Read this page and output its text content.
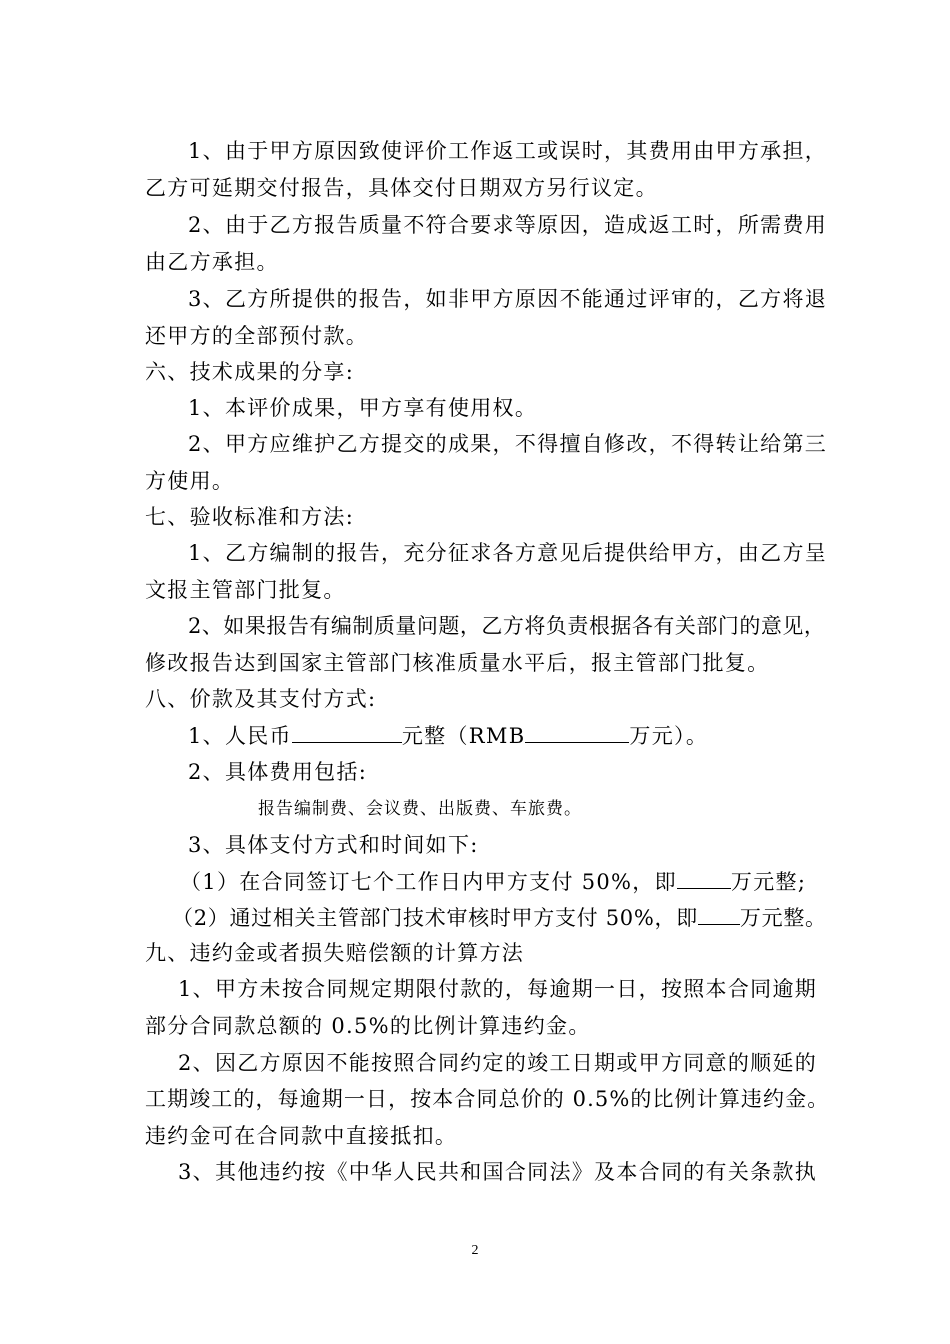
1、由于甲方原因致使评价工作返工或误时，其费用由甲方承担，
乙方可延期交付报告，具体交付日期双方另行议定。
2、由于乙方报告质量不符合要求等原因，造成返工时，所需费用
由乙方承担。
3、乙方所提供的报告，如非甲方原因不能通过评审的，乙方将退
还甲方的全部预付款。
六、技术成果的分享:
1、本评价成果，甲方享有使用权。
2、甲方应维护乙方提交的成果，不得擅自修改，不得转让给第三
方使用。
七、验收标准和方法:
1、乙方编制的报告，充分征求各方意见后提供给甲方，由乙方呈
文报主管部门批复。
2、如果报告有编制质量问题，乙方将负责根据各有关部门的意见，
修改报告达到国家主管部门核准质量水平后，报主管部门批复。
八、价款及其支付方式:
1、人民币	元整（RMB	万元）。
2、具体费用包括:
报告编制费、会议费、出版费、车旅费。
3、具体支付方式和时间如下:
（1）在合同签订七个工作日内甲方支付 50%，即	万元整;
（2）通过相关主管部门技术审核时甲方支付 50%，即 万元整。
九、违约金或者损失赔偿额的计算方法
1、甲方未按合同规定期限付款的，每逾期一日，按照本合同逾期
部分合同款总额的 0.5%的比例计算违约金。
2、因乙方原因不能按照合同约定的竣工日期或甲方同意的顺延的
工期竣工的，每逾期一日，按本合同总价的 0.5%的比例计算违约金。
违约金可在合同款中直接抵扣。
3、其他违约按《中华人民共和国合同法》及本合同的有关条款执
2
